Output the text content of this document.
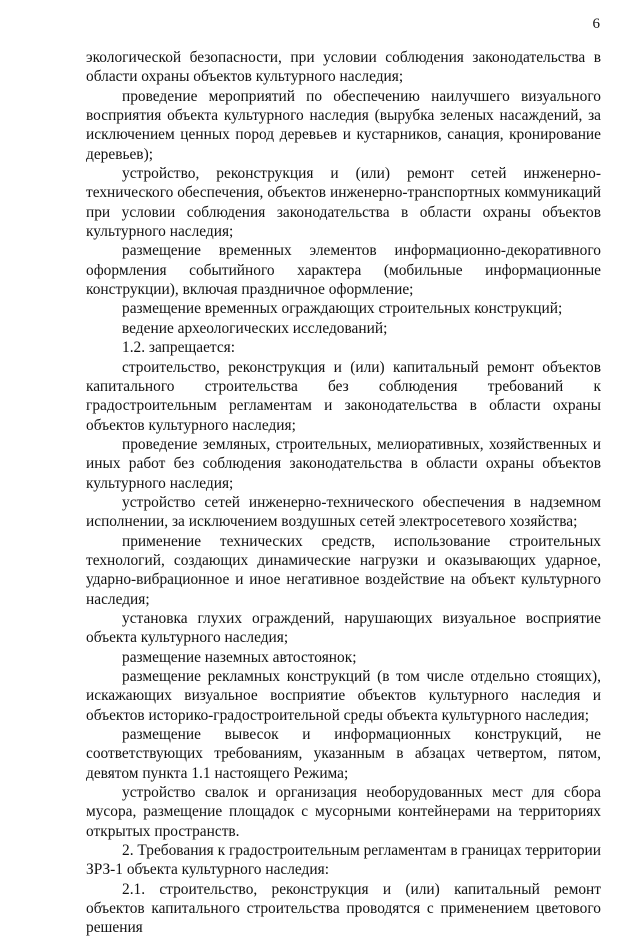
6

экологической безопасности, при условии соблюдения законодательства в области охраны объектов культурного наследия;

проведение мероприятий по обеспечению наилучшего визуального восприятия объекта культурного наследия (вырубка зеленых насаждений, за исключением ценных пород деревьев и кустарников, санация, кронирование деревьев);

устройство, реконструкция и (или) ремонт сетей инженерно-технического обеспечения, объектов инженерно-транспортных коммуникаций при условии соблюдения законодательства в области охраны объектов культурного наследия;

размещение временных элементов информационно-декоративного оформления событийного характера (мобильные информационные конструкции), включая праздничное оформление;

размещение временных ограждающих строительных конструкций;

ведение археологических исследований;

1.2. запрещается:

строительство, реконструкция и (или) капитальный ремонт объектов капитального строительства без соблюдения требований к градостроительным регламентам и законодательства в области охраны объектов культурного наследия;

проведение земляных, строительных, мелиоративных, хозяйственных и иных работ без соблюдения законодательства в области охраны объектов культурного наследия;

устройство сетей инженерно-технического обеспечения в надземном исполнении, за исключением воздушных сетей электросетевого хозяйства;

применение технических средств, использование строительных технологий, создающих динамические нагрузки и оказывающих ударное, ударно-вибрационное и иное негативное воздействие на объект культурного наследия;

установка глухих ограждений, нарушающих визуальное восприятие объекта культурного наследия;

размещение наземных автостоянок;

размещение рекламных конструкций (в том числе отдельно стоящих), искажающих визуальное восприятие объектов культурного наследия и объектов историко-градостроительной среды объекта культурного наследия;

размещение вывесок и информационных конструкций, не соответствующих требованиям, указанным в абзацах четвертом, пятом, девятом пункта 1.1 настоящего Режима;

устройство свалок и организация необорудованных мест для сбора мусора, размещение площадок с мусорными контейнерами на территориях открытых пространств.

2. Требования к градостроительным регламентам в границах территории ЗРЗ-1 объекта культурного наследия:

2.1. строительство, реконструкция и (или) капитальный ремонт объектов капитального строительства проводятся с применением цветового решения
